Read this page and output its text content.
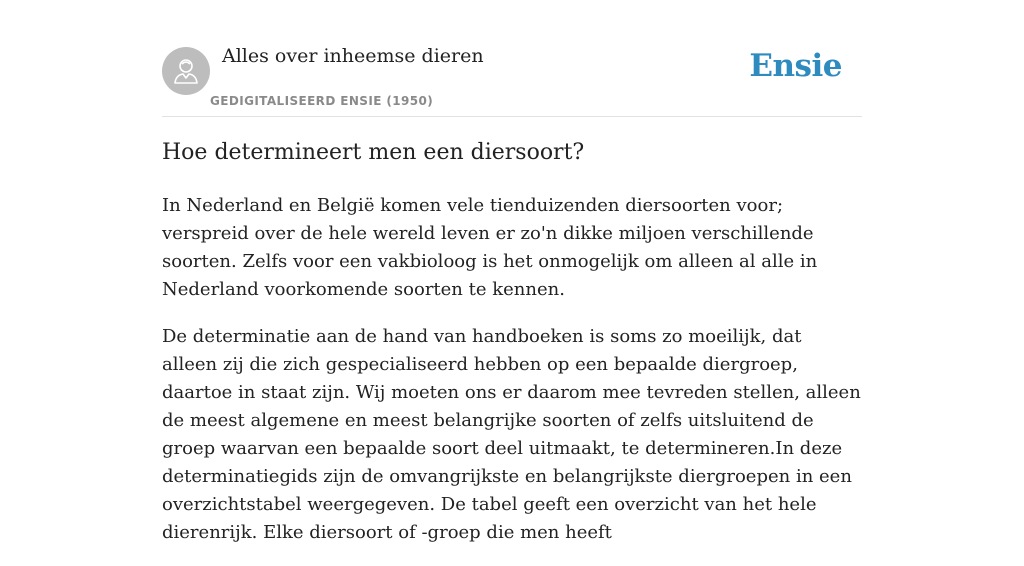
Alles over inheemse dieren
GEDIGITALISEERD ENSIE (1950)
Ensie
Hoe determineert men een diersoort?

In Nederland en België komen vele tienduizenden diersoorten voor; verspreid over de hele wereld leven er zo'n dikke miljoen verschillende soorten. Zelfs voor een vakbioloog is het onmogelijk om alleen al alle in Nederland voorkomende soorten te kennen.

De determinatie aan de hand van handboeken is soms zo moeilijk, dat alleen zij die zich gespecialiseerd hebben op een bepaalde diergroep, daartoe in staat zijn. Wij moeten ons er daarom mee tevreden stellen, alleen de meest algemene en meest belangrijke soorten of zelfs uitsluitend de groep waarvan een bepaalde soort deel uitmaakt, te determineren.In deze determinatiegids zijn de omvangrijkste en belangrijkste diergroepen in een overzichtstabel weergegeven. De tabel geeft een overzicht van het hele dierenrijk. Elke diersoort of -groep die men heeft
